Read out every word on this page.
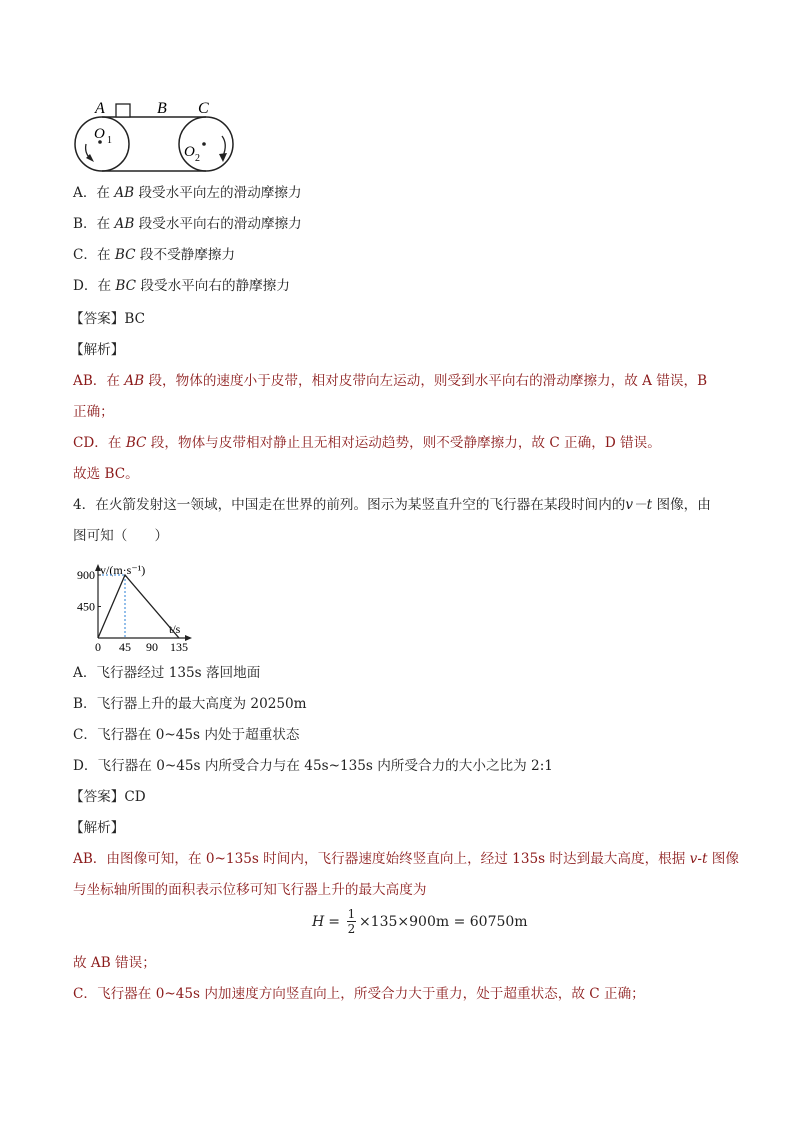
A	B C
O 1
O 2
A．在 AB 段受水平向左的滑动摩擦力
B．在 AB 段受水平向右的滑动摩擦力
C．在 BC 段不受静摩擦力
D．在 BC 段受水平向右的静摩擦力
【答案】BC
【解析】
AB．在 AB 段，物体的速度小于皮带，相对皮带向左运动，则受到水平向右的滑动摩擦力，故 A 错误，B
正确；
CD．在 BC 段，物体与皮带相对静止且无相对运动趋势，则不受静摩擦力，故 C 正确，D 错误。
故选 BC。
4．在火箭发射这一领域，中国走在世界的前列。图示为某竖直升空的飞行器在某段时间内的v－t 图像，由
图可知（　　）
v/(m·s⁻¹)
t/s
450
900
0 45 90 135
A．飞行器经过 135s 落回地面
B．飞行器上升的最大高度为 20250m
C．飞行器在 0~45s 内处于超重状态
D．飞行器在 0~45s 内所受合力与在 45s~135s 内所受合力的大小之比为 2:1
【答案】CD
【解析】
AB．由图像可知，在 0~135s 时间内，飞行器速度始终竖直向上，经过 135s 时达到最大高度，根据 v-t 图像
与坐标轴所围的面积表示位移可知飞行器上升的最大高度为
$H = \frac{1}{2} \times 135\times 900m = 60750m$
故 AB 错误；
C．飞行器在 0~45s 内加速度方向竖直向上，所受合力大于重力，处于超重状态，故 C 正确；
